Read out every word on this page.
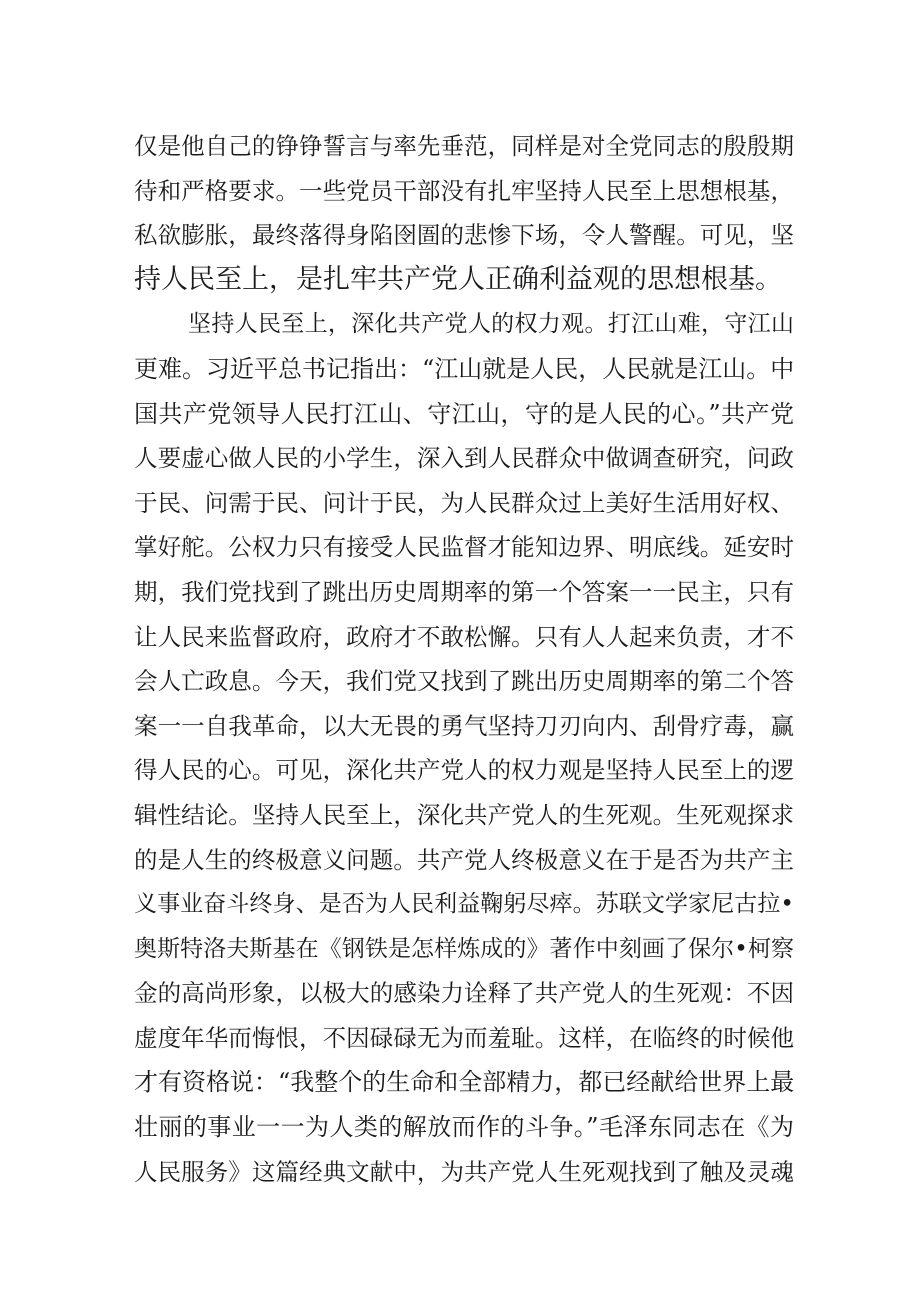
仅是他自己的铮铮誓言与率先垂范，同样是对全党同志的殷殷期
待和严格要求。一些党员干部没有扎牢坚持人民至上思想根基，
私欲膨胀，最终落得身陷囹圄的悲惨下场，令人警醒。可见，坚
持人民至上，是扎牢共产党人正确利益观的思想根基。
坚持人民至上，深化共产党人的权力观。打江山难，守江山
更难。习近平总书记指出：“江山就是人民，人民就是江山。中
国共产党领导人民打江山、守江山，守的是人民的心。”共产党
人要虚心做人民的小学生，深入到人民群众中做调查研究，问政
于民、问需于民、问计于民，为人民群众过上美好生活用好权、
掌好舵。公权力只有接受人民监督才能知边界、明底线。延安时
期，我们党找到了跳出历史周期率的第一个答案一一民主，只有
让人民来监督政府，政府才不敢松懈。只有人人起来负责，才不
会人亡政息。今天，我们党又找到了跳出历史周期率的第二个答
案一一自我革命，以大无畏的勇气坚持刀刃向内、刮骨疗毒，赢
得人民的心。可见，深化共产党人的权力观是坚持人民至上的逻
辑性结论。坚持人民至上，深化共产党人的生死观。生死观探求
的是人生的终极意义问题。共产党人终极意义在于是否为共产主
义事业奋斗终身、是否为人民利益鞠躬尽瘁。苏联文学家尼古拉•
奥斯特洛夫斯基在《钢铁是怎样炼成的》著作中刻画了保尔•柯察
金的高尚形象，以极大的感染力诠释了共产党人的生死观：不因
虚度年华而悔恨，不因碌碌无为而羞耻。这样，在临终的时候他
才有资格说：“我整个的生命和全部精力，都已经献给世界上最
壮丽的事业一一为人类的解放而作的斗争。”毛泽东同志在《为
人民服务》这篇经典文献中，为共产党人生死观找到了触及灵魂
